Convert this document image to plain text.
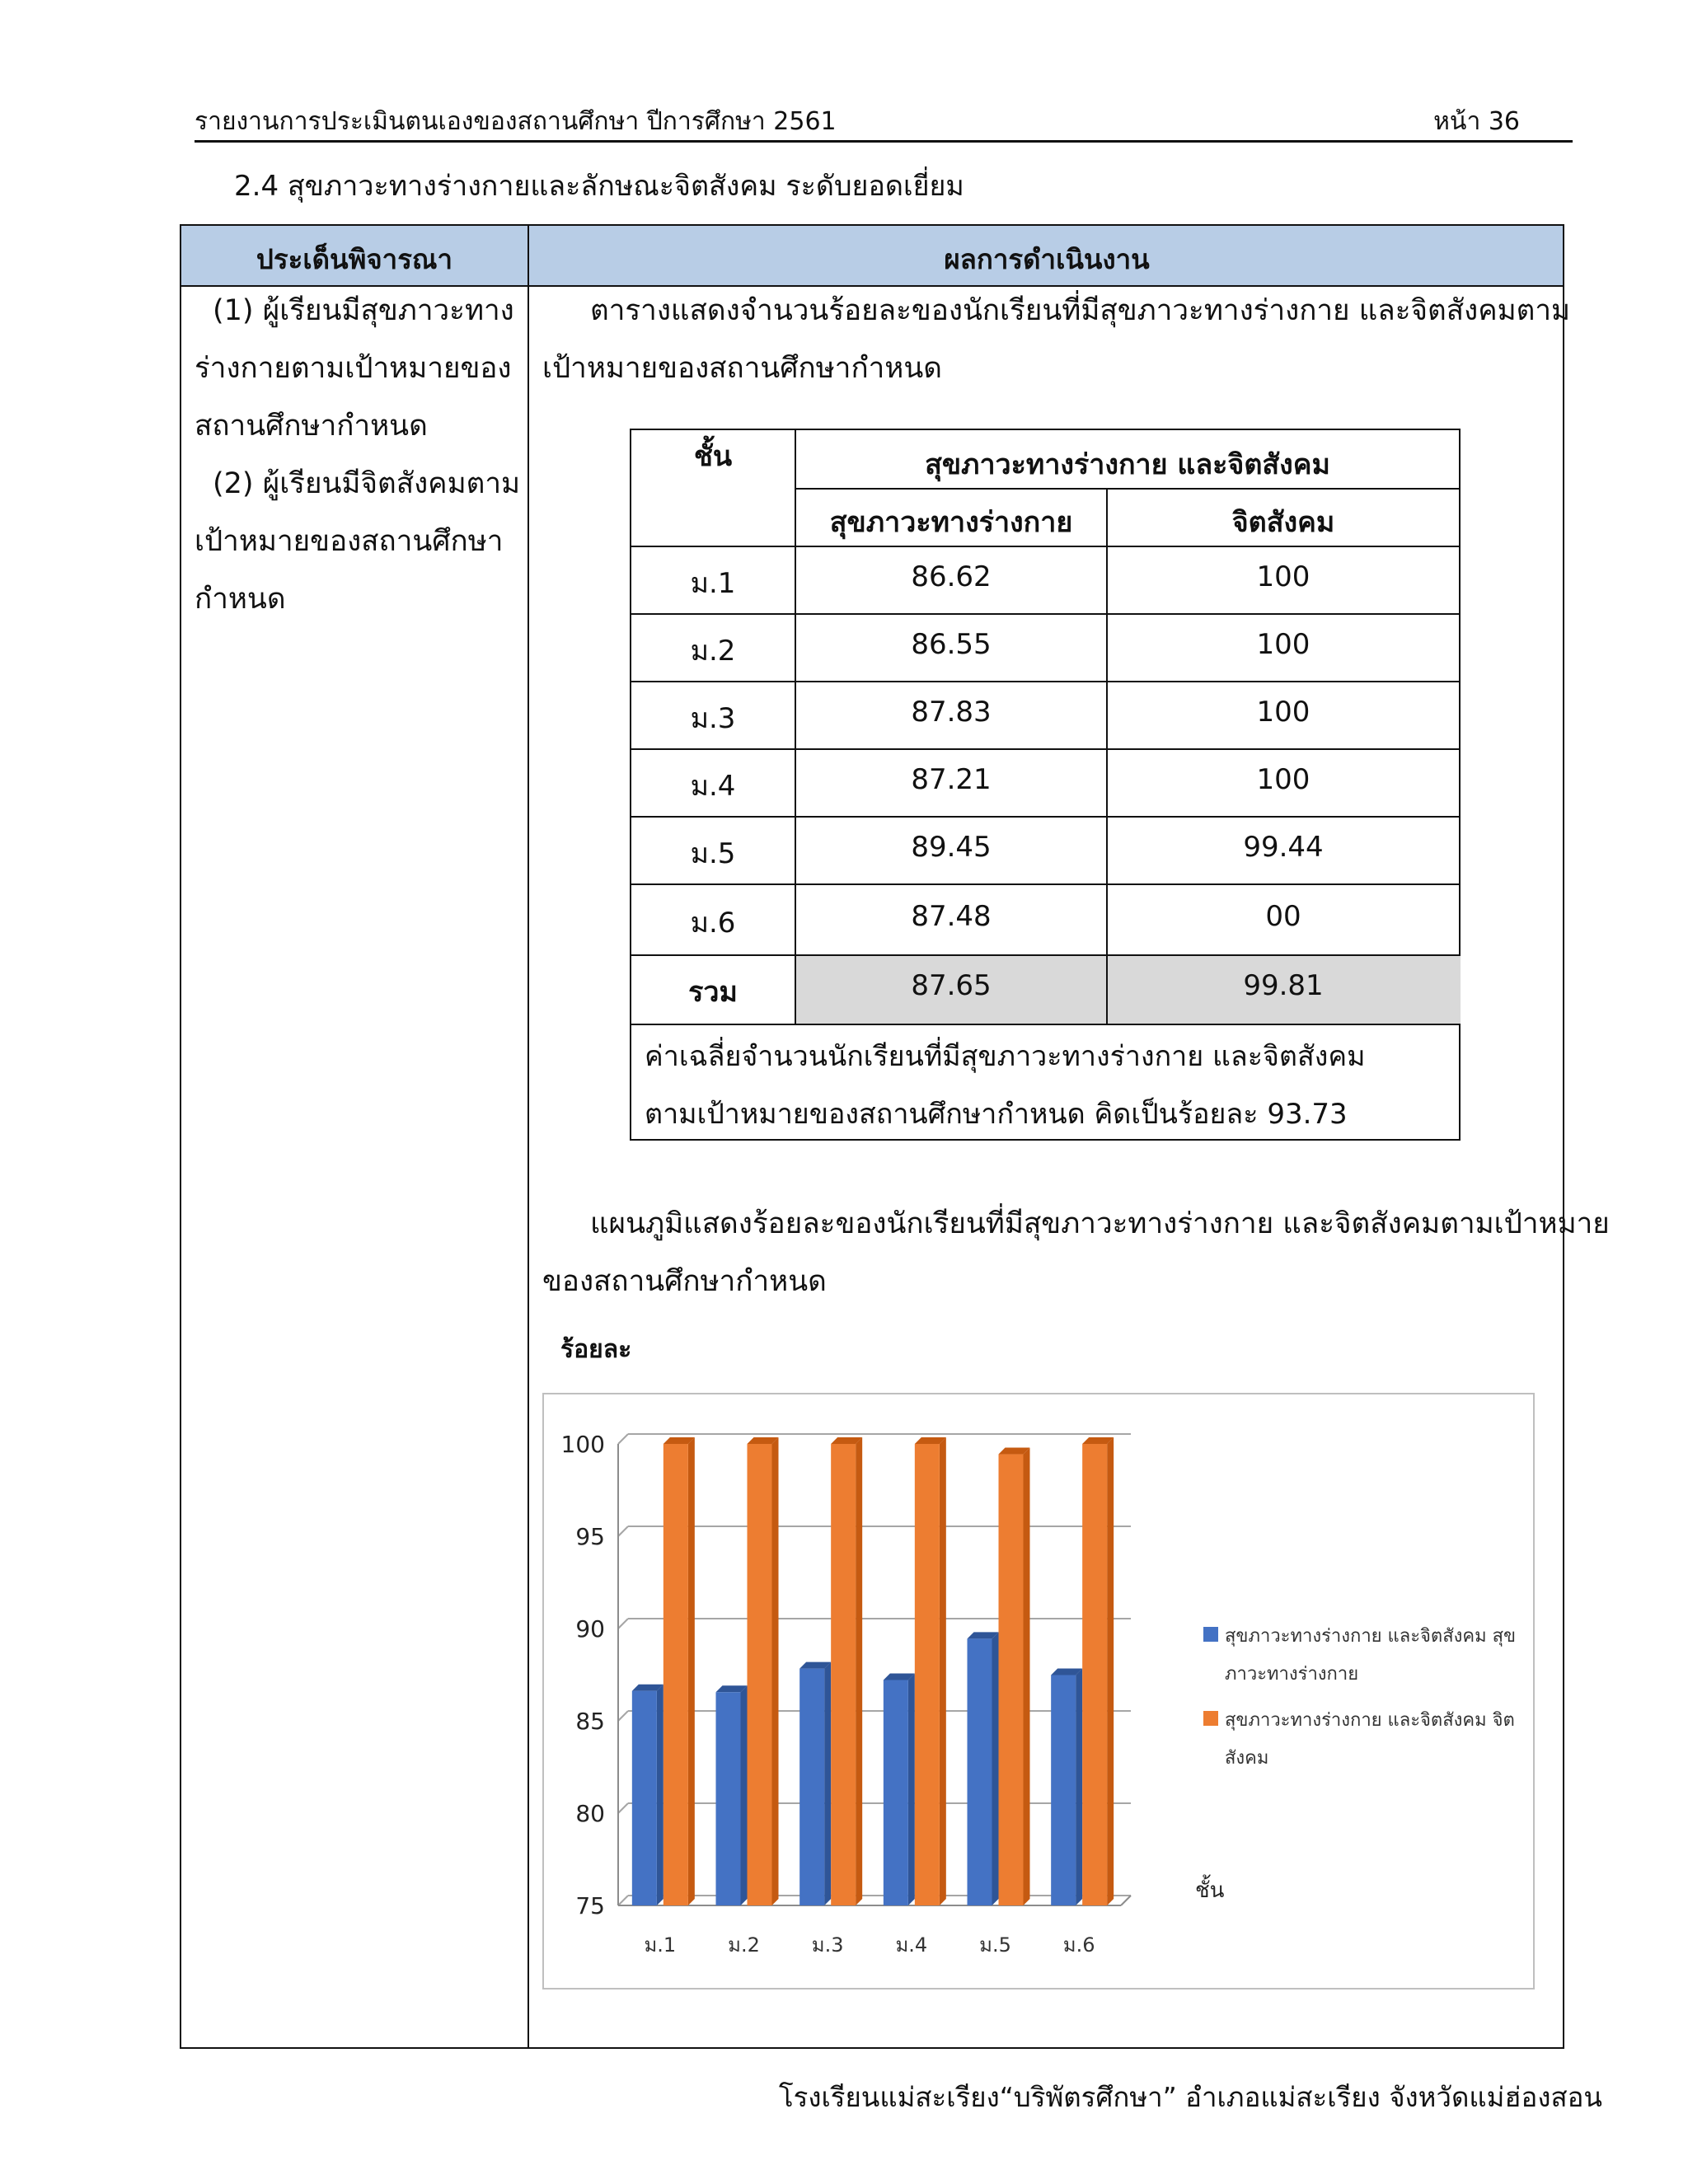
รายงานการประเมินตนเองของสถานศึกษา ปีการศึกษา 2561	หน้า 36
2.4 สุขภาวะทางร่างกายและลักษณะจิตสังคม ระดับยอดเยี่ยม
ประเด็นพิจารณา	ผลการดำเนินงาน

(1) ผู้เรียนมีสุขภาวะทาง

ร่างกายตามเป้าหมายของ

สถานศึกษากำหนด

(2) ผู้เรียนมีจิตสังคมตาม

เป้าหมายของสถานศึกษา

กำหนด

ตารางแสดงจำนวนร้อยละของนักเรียนที่มีสุขภาวะทางร่างกาย และจิตสังคมตาม
เป้าหมายของสถานศึกษากำหนด
ชั้น	สุขภาวะทางร่างกาย และจิตสังคม
สุขภาวะทางร่างกาย	จิตสังคม
ม.1	86.62	100
ม.2	86.55	100
ม.3	87.83	100
ม.4	87.21	100
ม.5	89.45	99.44
ม.6	87.48	00
รวม	87.65	99.81
ค่าเฉลี่ยจำนวนนักเรียนที่มีสุขภาวะทางร่างกาย และจิตสังคม
ตามเป้าหมายของสถานศึกษากำหนด คิดเป็นร้อยละ 93.73
แผนภูมิแสดงร้อยละของนักเรียนที่มีสุขภาวะทางร่างกาย และจิตสังคมตามเป้าหมาย
ของสถานศึกษากำหนด
ร้อยละ
100
95
90
85
80
75
ม.1	ม.2	ม.3	ม.4	ม.5	ม.6
ชั้น
สุขภาวะทางร่างกาย และจิตสังคม สุข
ภาวะทางร่างกาย
สุขภาวะทางร่างกาย และจิตสังคม จิต
สังคม
โรงเรียนแม่สะเรียง“บริพัตรศึกษา” อำเภอแม่สะเรียง จังหวัดแม่ฮ่องสอน
